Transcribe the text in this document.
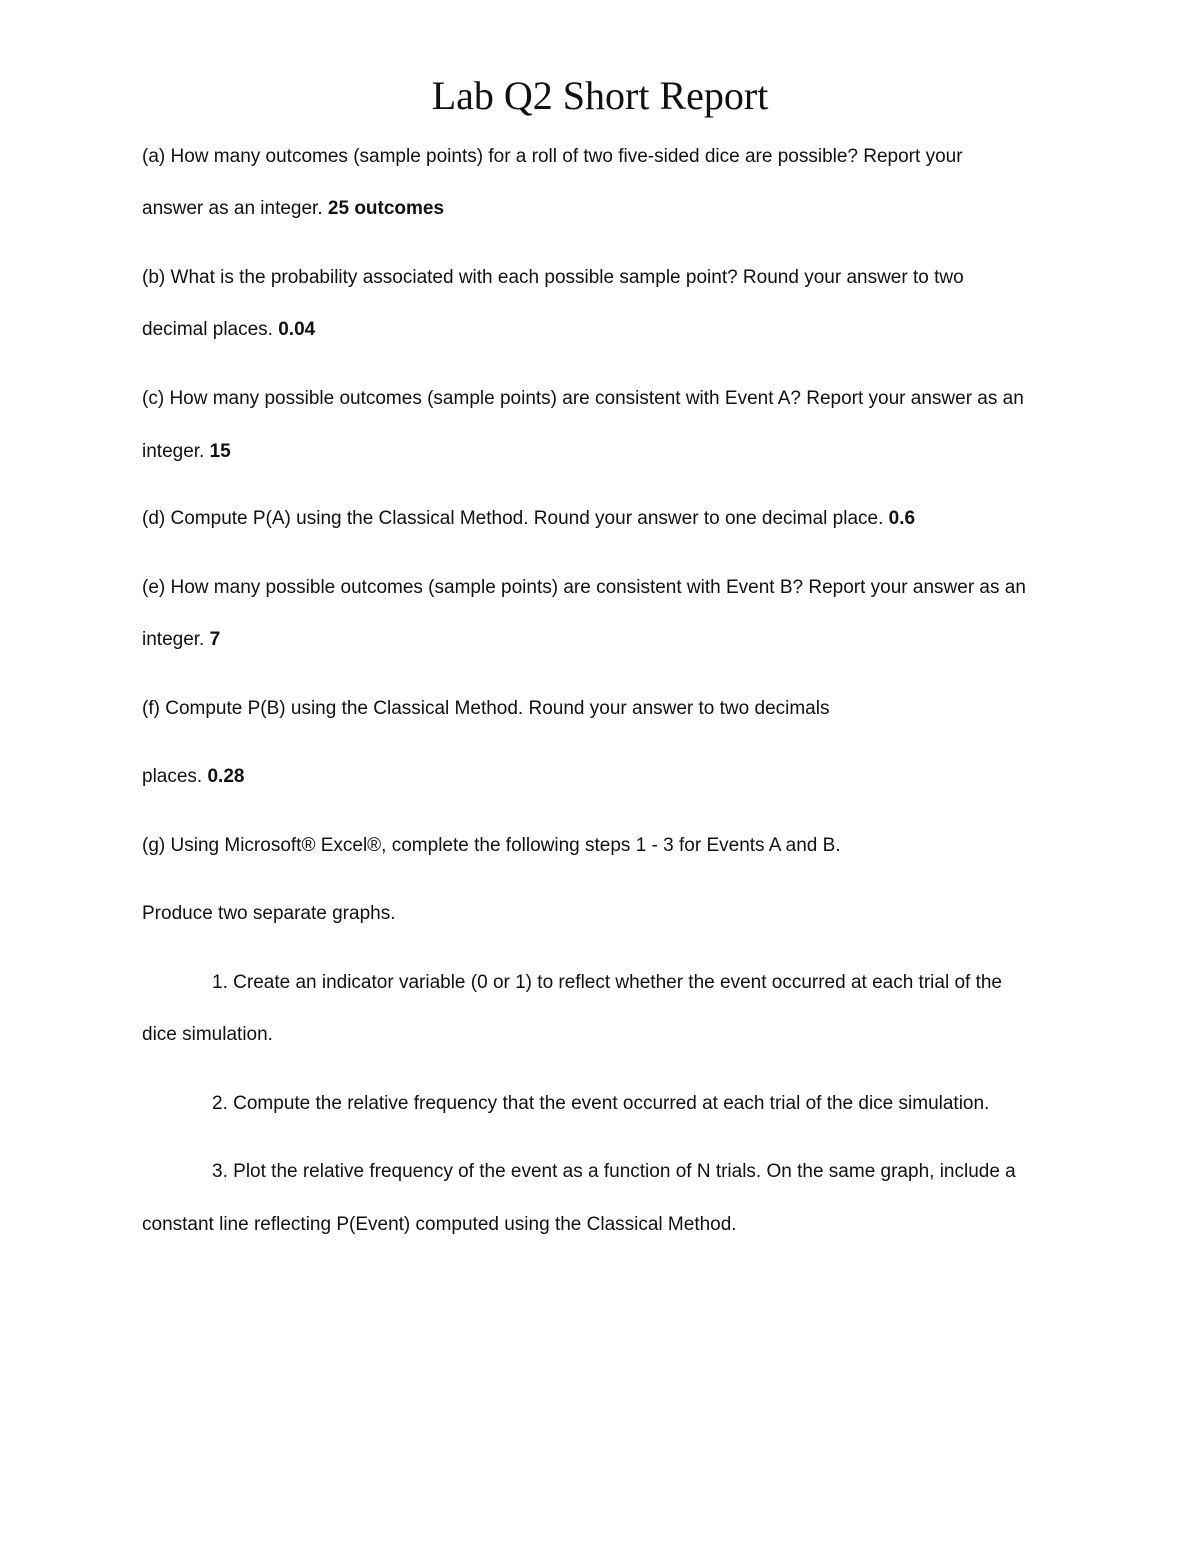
Lab Q2 Short Report
(a) How many outcomes (sample points) for a roll of two five-sided dice are possible? Report your
answer as an integer. 25 outcomes
(b) What is the probability associated with each possible sample point? Round your answer to two
decimal places. 0.04
(c) How many possible outcomes (sample points) are consistent with Event A? Report your answer as an
integer. 15
(d) Compute P(A) using the Classical Method. Round your answer to one decimal place. 0.6
(e) How many possible outcomes (sample points) are consistent with Event B? Report your answer as an
integer. 7
(f) Compute P(B) using the Classical Method. Round your answer to two decimals
places. 0.28
(g) Using Microsoft® Excel®, complete the following steps 1 - 3 for Events A and B.
Produce two separate graphs.
1. Create an indicator variable (0 or 1) to reflect whether the event occurred at each trial of the
dice simulation.
2. Compute the relative frequency that the event occurred at each trial of the dice simulation.
3. Plot the relative frequency of the event as a function of N trials. On the same graph, include a
constant line reflecting P(Event) computed using the Classical Method.
